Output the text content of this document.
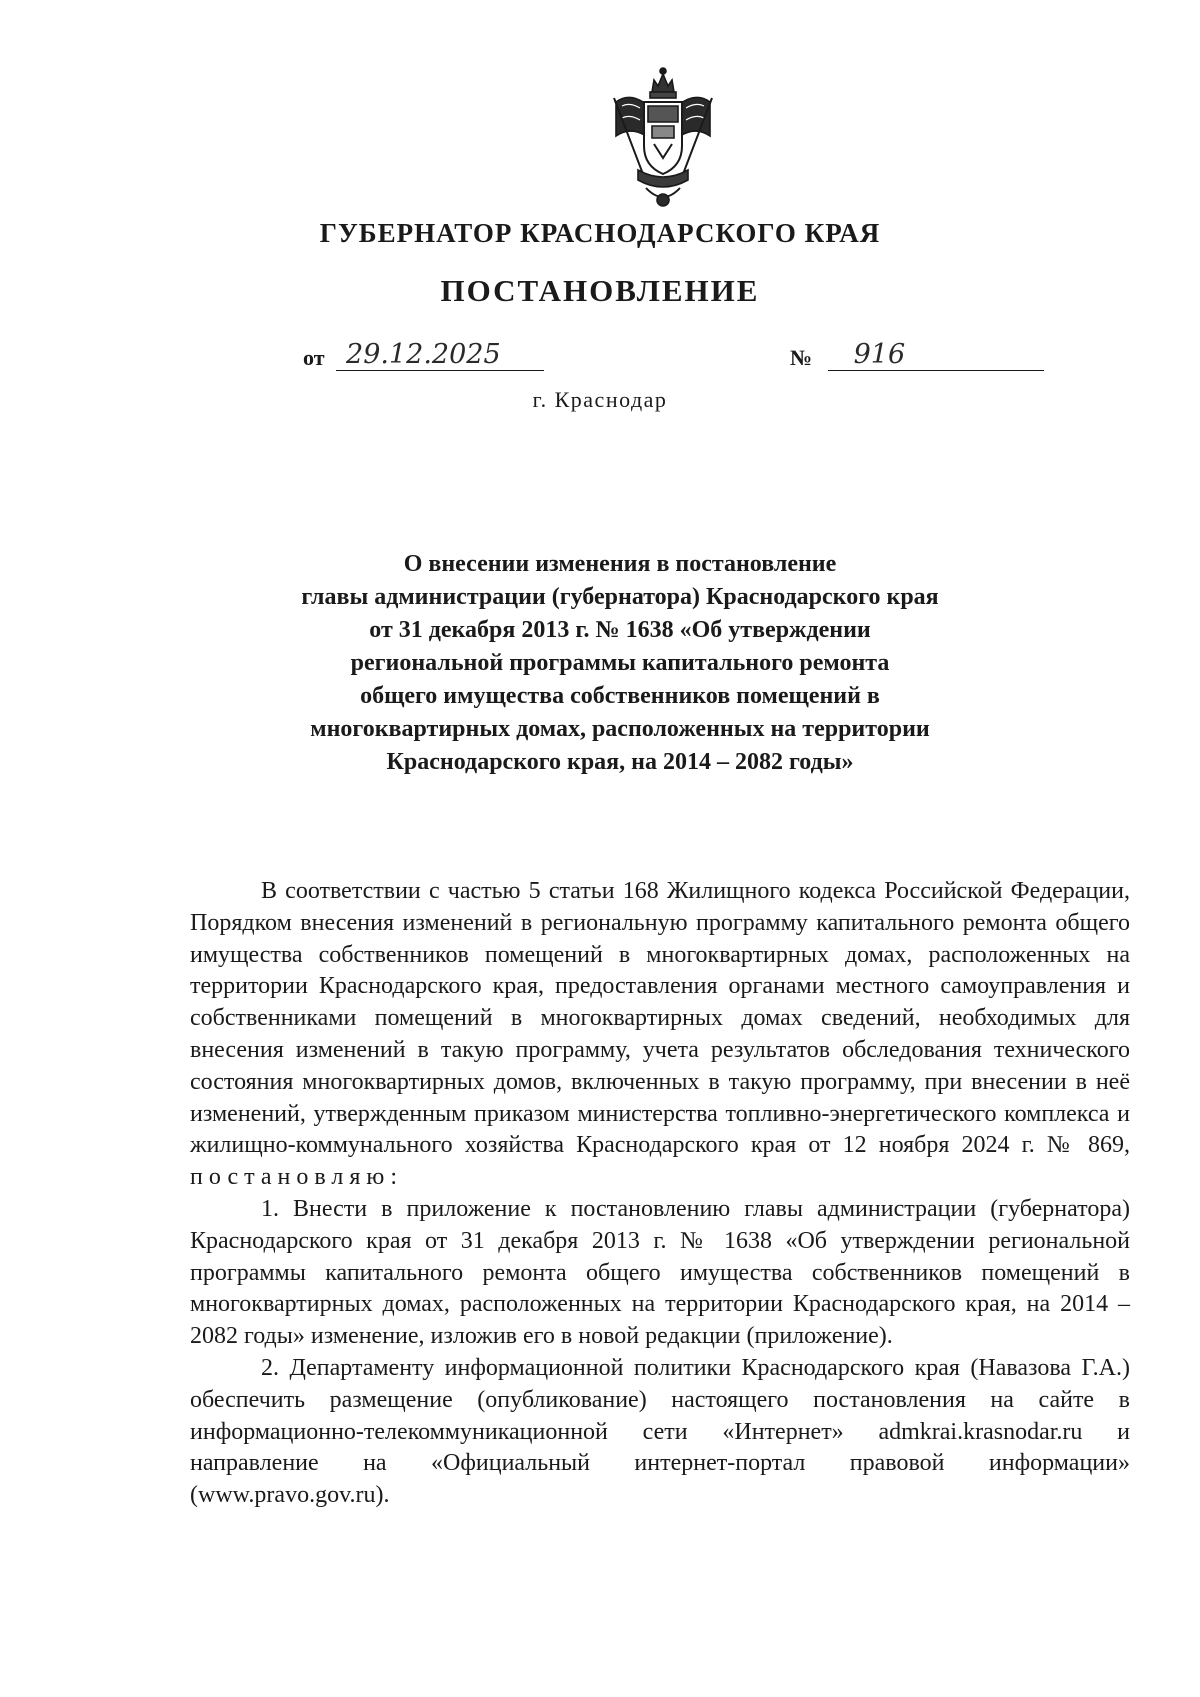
ГУБЕРНАТОР КРАСНОДАРСКОГО КРАЯ
ПОСТАНОВЛЕНИЕ
от 29.12.2025	№ 916
г. Краснодар
О внесении изменения в постановление
главы администрации (губернатора) Краснодарского края
от 31 декабря 2013 г. № 1638 «Об утверждении
региональной программы капитального ремонта
общего имущества собственников помещений в
многоквартирных домах, расположенных на территории
Краснодарского края, на 2014 – 2082 годы»

В соответствии с частью 5 статьи 168 Жилищного кодекса Российской Федерации, Порядком внесения изменений в региональную программу капитального ремонта общего имущества собственников помещений в многоквартирных домах, расположенных на территории Краснодарского края, предоставления органами местного самоуправления и собственниками помещений в многоквартирных домах сведений, необходимых для внесения изменений в такую программу, учета результатов обследования технического состояния многоквартирных домов, включенных в такую программу, при внесении в неё изменений, утвержденным приказом министерства топливно-энергетического комплекса и жилищно-коммунального хозяйства Краснодарского края от 12 ноября 2024 г. № 869, постановляю:

1. Внести в приложение к постановлению главы администрации (губернатора) Краснодарского края от 31 декабря 2013 г. № 1638 «Об утверждении региональной программы капитального ремонта общего имущества собственников помещений в многоквартирных домах, расположенных на территории Краснодарского края, на 2014 – 2082 годы» изменение, изложив его в новой редакции (приложение).

2. Департаменту информационной политики Краснодарского края (Навазова Г.А.) обеспечить размещение (опубликование) настоящего постановления на сайте в информационно-телекоммуникационной сети «Интернет» admkrai.krasnodar.ru и направление на «Официальный интернет-портал правовой информации» (www.pravo.gov.ru).
